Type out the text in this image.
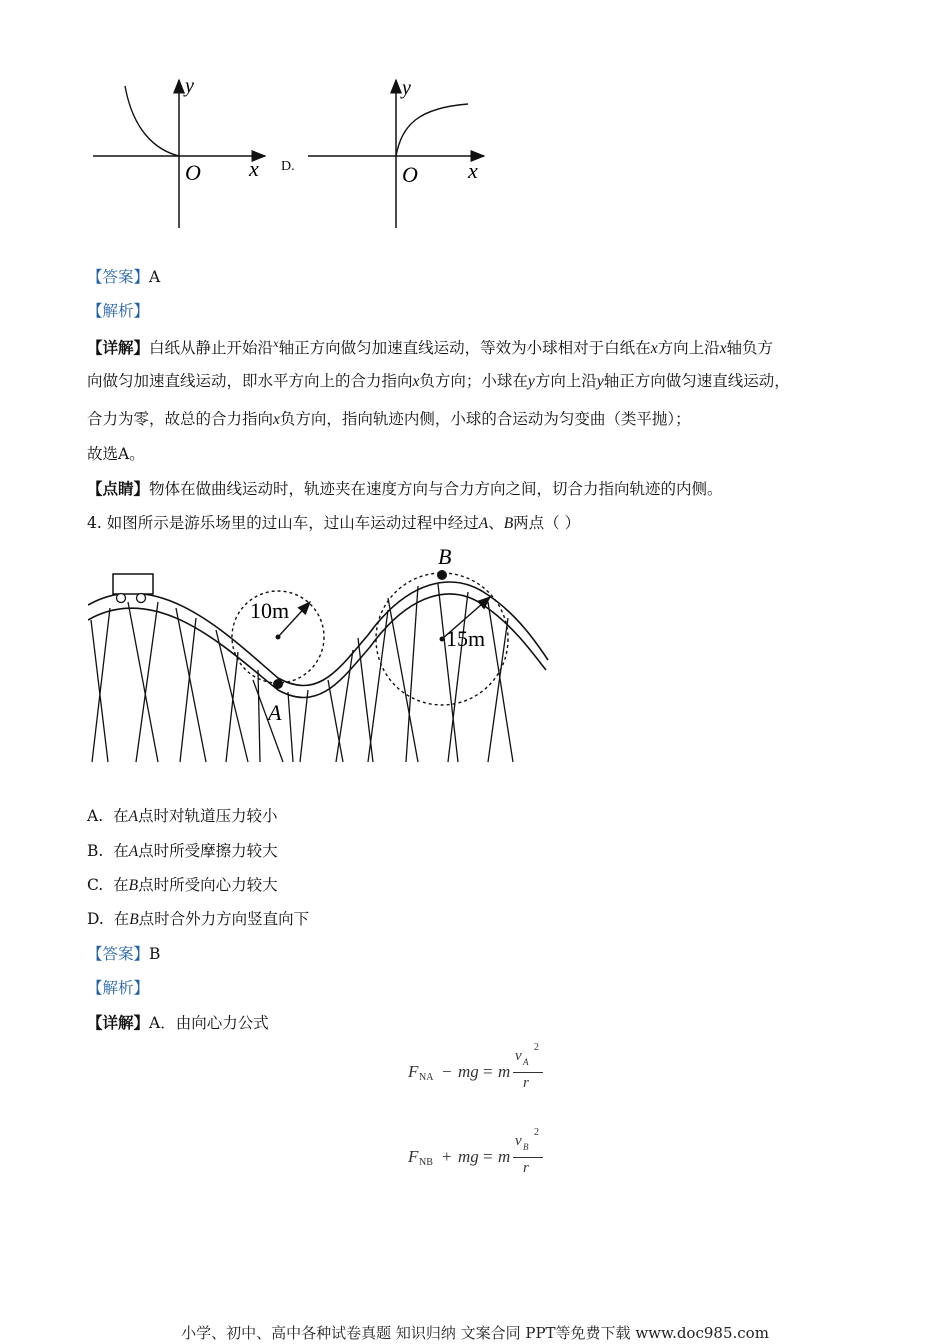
y
x
O	D.
y
x
O
【答案】A
【解析】
【详解】白纸从静止开始沿$^x$轴正方向做匀加速直线运动，等效为小球相对于白纸在x方向上沿x轴负方
向做匀加速直线运动，即水平方向上的合力指向x负方向；小球在y方向上沿y轴正方向做匀速直线运动，
合力为零，故总的合力指向x负方向，指向轨迹内侧，小球的合运动为匀变曲（类平抛）；
故选A。
【点睛】物体在做曲线运动时，轨迹夹在速度方向与合力方向之间，切合力指向轨迹的内侧。
4. 如图所示是游乐场里的过山车，过山车运动过程中经过A、B两点（ ）
B
A
10m
15m
A. 在A点时对轨道压力较小
B. 在A点时所受摩擦力较大
C. 在B点时所受向心力较大
D. 在B点时合外力方向竖直向下
【答案】B
【解析】
【详解】A．由向心力公式
F NA − mg = m
v A
2
r
F NB + mg = m
v B
2
r
小学、初中、高中各种试卷真题 知识归纳 文案合同 PPT等免费下载 www.doc985.com
